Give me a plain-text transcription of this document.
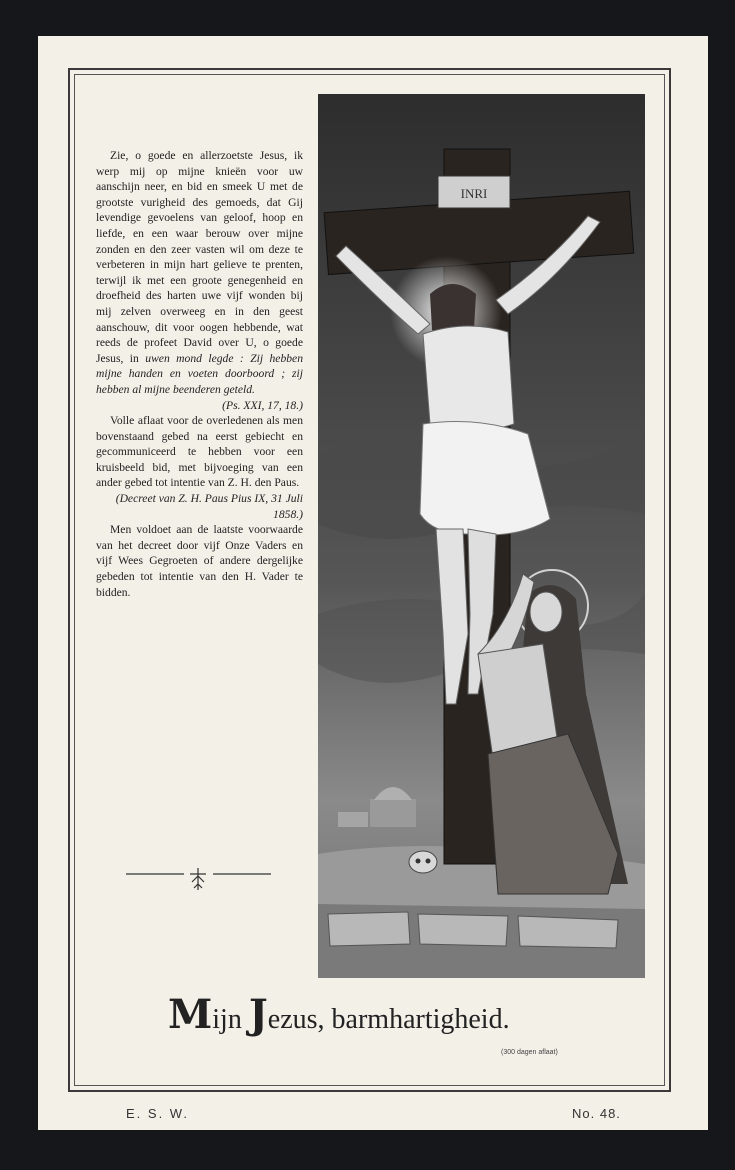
Zie, o goede en allerzoetste Jesus, ik werp mij op mijne knieën voor uw aanschijn neer, en bid en smeek U met de grootste vurigheid des gemoeds, dat Gij levendige gevoelens van geloof, hoop en liefde, en een waar berouw over mijne zonden en den zeer vasten wil om deze te verbeteren in mijn hart gelieve te prenten, terwijl ik met een groote genegenheid en droefheid des harten uwe vijf wonden bij mij zelven overweeg en in den geest aanschouw, dit voor oogen hebbende, wat reeds de profeet David over U, o goede Jesus, in uwen mond legde : Zij hebben mijne handen en voeten doorboord ; zij hebben al mijne beenderen geteld.

(Ps. XXI, 17, 18.)

Volle aflaat voor de overledenen als men bovenstaand gebed na eerst gebiecht en gecommuniceerd te hebben voor een kruisbeeld bid, met bijvoeging van een ander gebed tot intentie van Z. H. den Paus.

(Decreet van Z. H. Paus Pius IX, 31 Juli 1858.)

Men voldoet aan de laatste voorwaarde van het decreet door vijf Onze Vaders en vijf Wees Gegroeten of andere dergelijke gebeden tot intentie van den H. Vader te bidden.

INRI
Mijn Jezus, barmhartigheid.
(300 dagen aflaat)
E. S. W.	No. 48.
